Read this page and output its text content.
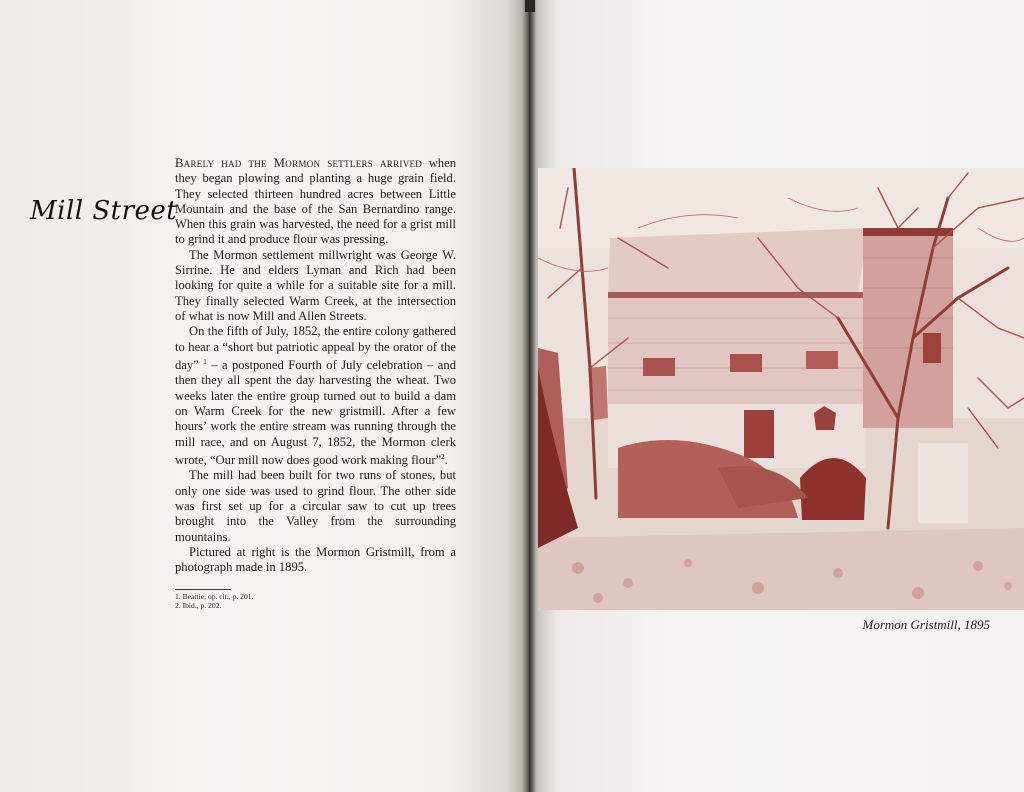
Mill Street

Barely had the Mormon settlers arrived when they began plowing and planting a huge grain field. They selected thirteen hundred acres between Little Mountain and the base of the San Bernardino range. When this grain was harvested, the need for a grist mill to grind it and produce flour was pressing.

The Mormon settlement millwright was George W. Sirrine. He and elders Lyman and Rich had been looking for quite a while for a suitable site for a mill. They finally selected Warm Creek, at the intersection of what is now Mill and Allen Streets.

On the fifth of July, 1852, the entire colony gathered to hear a “short but patriotic appeal by the orator of the day” $^1$ – a postponed Fourth of July celebration – and then they all spent the day harvesting the wheat. Two weeks later the entire group turned out to build a dam on Warm Creek for the new gristmill. After a few hours’ work the entire stream was running through the mill race, and on August 7, 1852, the Mormon clerk wrote, “Our mill now does good work making flour”$^2$.

The mill had been built for two runs of stones, but only one side was used to grind flour. The other side was first set up for a circular saw to cut up trees brought into the Valley from the surrounding mountains.

Pictured at right is the Mormon Gristmill, from a photograph made in 1895.

1. Beattie, op. cit., p. 201.
2. Ibid., p. 202.
Mormon Gristmill, 1895
